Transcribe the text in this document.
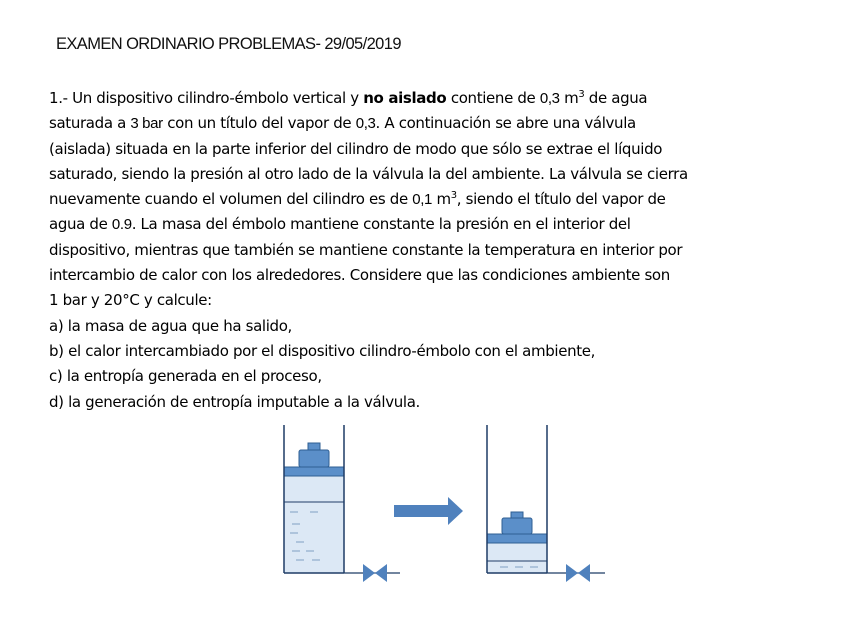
EXAMEN ORDINARIO PROBLEMAS- 29/05/2019
1.- Un dispositivo cilindro-émbolo vertical y no aislado contiene de 0,3 $m^3$ de agua
saturada a 3 bar con un título del vapor de 0,3. A continuación se abre una válvula
(aislada) situada en la parte inferior del cilindro de modo que sólo se extrae el líquido
saturado, siendo la presión al otro lado de la válvula la del ambiente. La válvula se cierra
nuevamente cuando el volumen del cilindro es de 0,1 $m^3$, siendo el título del vapor de
agua de 0.9. La masa del émbolo mantiene constante la presión en el interior del
dispositivo, mientras que también se mantiene constante la temperatura en interior por
intercambio de calor con los alrededores. Considere que las condiciones ambiente son
1 bar y 20°C y calcule:
a) la masa de agua que ha salido,
b) el calor intercambiado por el dispositivo cilindro-émbolo con el ambiente,
c) la entropía generada en el proceso,
d) la generación de entropía imputable a la válvula.
